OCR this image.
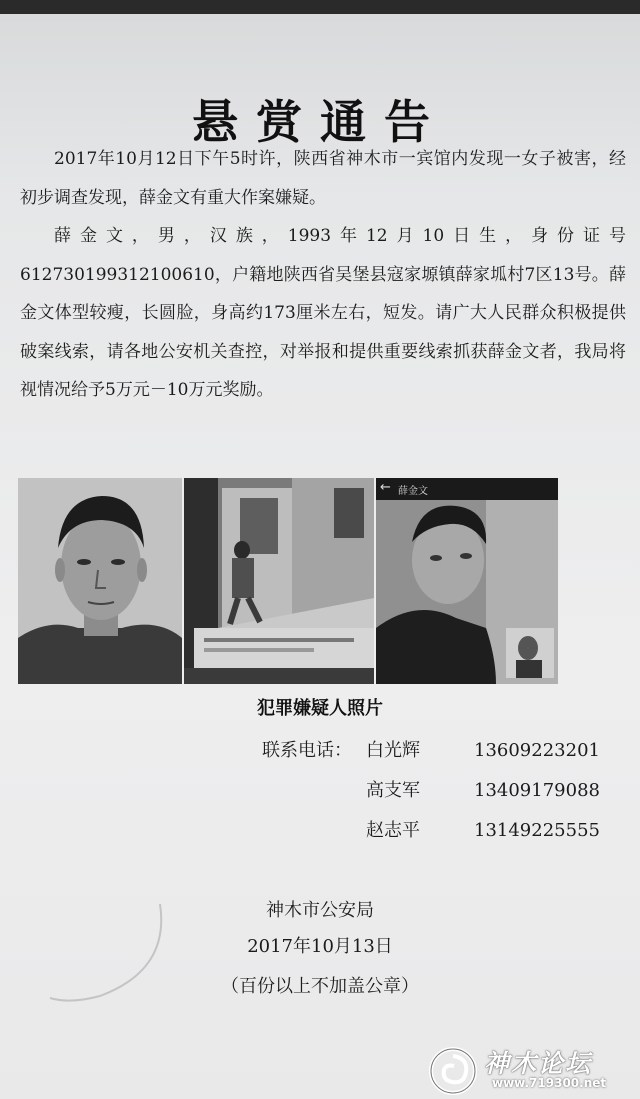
悬赏通告

2017年10月12日下午5时许，陕西省神木市一宾馆内发现一女子被害，经初步调查发现，薛金文有重大作案嫌疑。

薛金文，男，汉族，1993年12月10日生，身份证号612730199312100610，户籍地陕西省吴堡县寇家塬镇薛家坬村7区13号。薛金文体型较瘦，长圆脸，身高约173厘米左右，短发。请广大人民群众积极提供破案线索，请各地公安机关查控，对举报和提供重要线索抓获薛金文者，我局将视情况给予5万元－10万元奖励。

← 薛金文
犯罪嫌疑人照片
联系电话： 白光辉	13609223201
高支军	13409179088
赵志平	13149225555
神木市公安局
2017年10月13日
（百份以上不加盖公章）
神木论坛
www.719300.net
